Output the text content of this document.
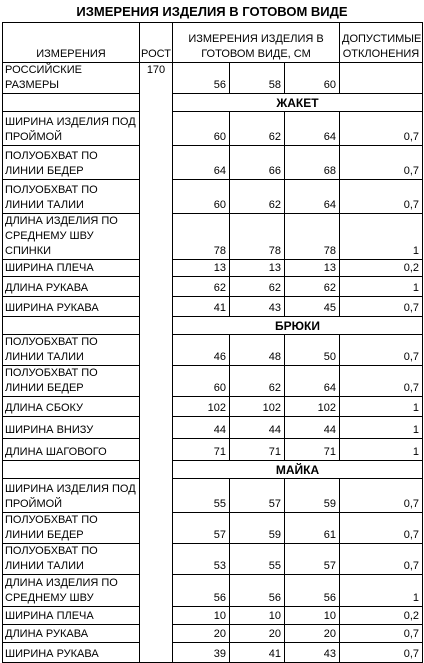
ИЗМЕРЕНИЯ ИЗДЕЛИЯ В ГОТОВОМ ВИДЕ
ИЗМЕРЕНИЯ	РОСТ	ИЗМЕРЕНИЯ ИЗДЕЛИЯ В ГОТОВОМ ВИДЕ, СМ			ДОПУСТИМЫЕ ОТКЛОНЕНИЯ
РОССИЙСКИЕ РАЗМЕРЫ	170	56	58	60	
		ЖАКЕТ			
ШИРИНА ИЗДЕЛИЯ ПОД ПРОЙМОЙ		60	62	64	0,7
ПОЛУОБХВАТ ПО ЛИНИИ БЕДЕР		64	66	68	0,7
ПОЛУОБХВАТ ПО ЛИНИИ ТАЛИИ		60	62	64	0,7
ДЛИНА ИЗДЕЛИЯ ПО СРЕДНЕМУ ШВУ СПИНКИ		78	78	78	1
ШИРИНА ПЛЕЧА		13	13	13	0,2
ДЛИНА РУКАВА		62	62	62	1
ШИРИНА РУКАВА		41	43	45	0,7
		БРЮКИ			
ПОЛУОБХВАТ ПО ЛИНИИ ТАЛИИ		46	48	50	0,7
ПОЛУОБХВАТ ПО ЛИНИИ БЕДЕР		60	62	64	0,7
ДЛИНА СБОКУ		102	102	102	1
ШИРИНА ВНИЗУ		44	44	44	1
ДЛИНА ШАГОВОГО		71	71	71	1
		МАЙКА			
ШИРИНА ИЗДЕЛИЯ ПОД ПРОЙМОЙ		55	57	59	0,7
ПОЛУОБХВАТ ПО ЛИНИИ БЕДЕР		57	59	61	0,7
ПОЛУОБХВАТ ПО ЛИНИИ ТАЛИИ		53	55	57	0,7
ДЛИНА ИЗДЕЛИЯ ПО СРЕДНЕМУ ШВУ		56	56	56	1
ШИРИНА ПЛЕЧА		10	10	10	0,2
ДЛИНА РУКАВА		20	20	20	0,7
ШИРИНА РУКАВА		39	41	43	0,7
